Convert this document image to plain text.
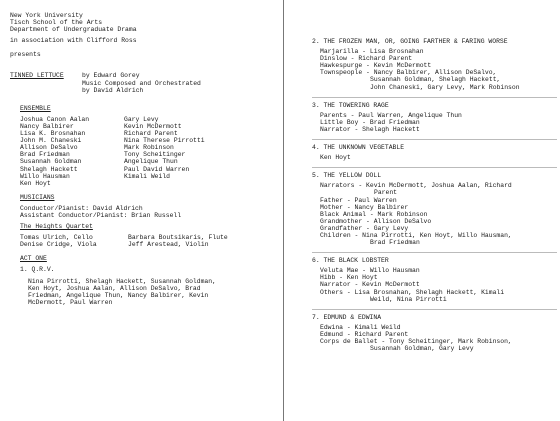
New York University
Tisch School of the Arts
Department of Undergraduate Drama
in association with Clifford Ross
presents
TINNED LETTUCE	by Edward Gorey
Music Composed and Orchestrated
by David Aldrich
ENSEMBLE
Joshua Canon Aalan
Nancy Balbirer
Lisa K. Brosnahan
John M. Chaneski
Allison DeSalvo
Brad Friedman
Susannah Goldman
Shelagh Hackett
Willo Hausman
Ken Hoyt
Gary Levy
Kevin McDermott
Richard Parent
Nina Therese Pirrotti
Mark Robinson
Tony Scheitinger
Angelique Thun
Paul David Warren
Kimali Weild
MUSICIANS
Conductor/Pianist: David Aldrich
Assistant Conductor/Pianist: Brian Russell
The Heights Quartet
Tomas Ulrich, Cello
Denise Cridge, Viola
Barbara Boutsikaris, Flute
Jeff Arestead, Violin
ACT ONE
1. Q.R.V.
Nina Pirrotti, Shelagh Hackett, Susannah Goldman,
Ken Hoyt, Joshua Aalan, Allison DeSalvo, Brad
Friedman, Angelique Thun, Nancy Balbirer, Kevin
McDermott, Paul Warren
2. THE FROZEN MAN, OR, GOING FARTHER & FARING WORSE
Marjarilla - Lisa Brosnahan
Dinslow - Richard Parent
Hawkespurge - Kevin McDermott
Townspeople - Nancy Balbirer, Allison DeSalvo,
Susannah Goldman, Shelagh Hackett,
John Chaneski, Gary Levy, Mark Robinson
3. THE TOWERING RAGE
Parents - Paul Warren, Angelique Thun
Little Boy - Brad Friedman
Narrator - Shelagh Hackett
4. THE UNKNOWN VEGETABLE
Ken Hoyt
5. THE YELLOW DOLL
Narrators - Kevin McDermott, Joshua Aalan, Richard
Parent
Father - Paul Warren
Mother - Nancy Balbirer
Black Animal - Mark Robinson
Grandmother - Allison DeSalvo
Grandfather - Gary Levy
Children - Nina Pirrotti, Ken Hoyt, Willo Hausman,
Brad Friedman
6. THE BLACK LOBSTER
Veluta Mae - Willo Hausman
Hibb - Ken Hoyt
Narrator - Kevin McDermott
Others - Lisa Brosnahan, Shelagh Hackett, Kimali
Weild, Nina Pirrotti
7. EDMUND & EDWINA
Edwina - Kimali Weild
Edmund - Richard Parent
Corps de Ballet - Tony Scheitinger, Mark Robinson,
Susannah Goldman, Gary Levy
